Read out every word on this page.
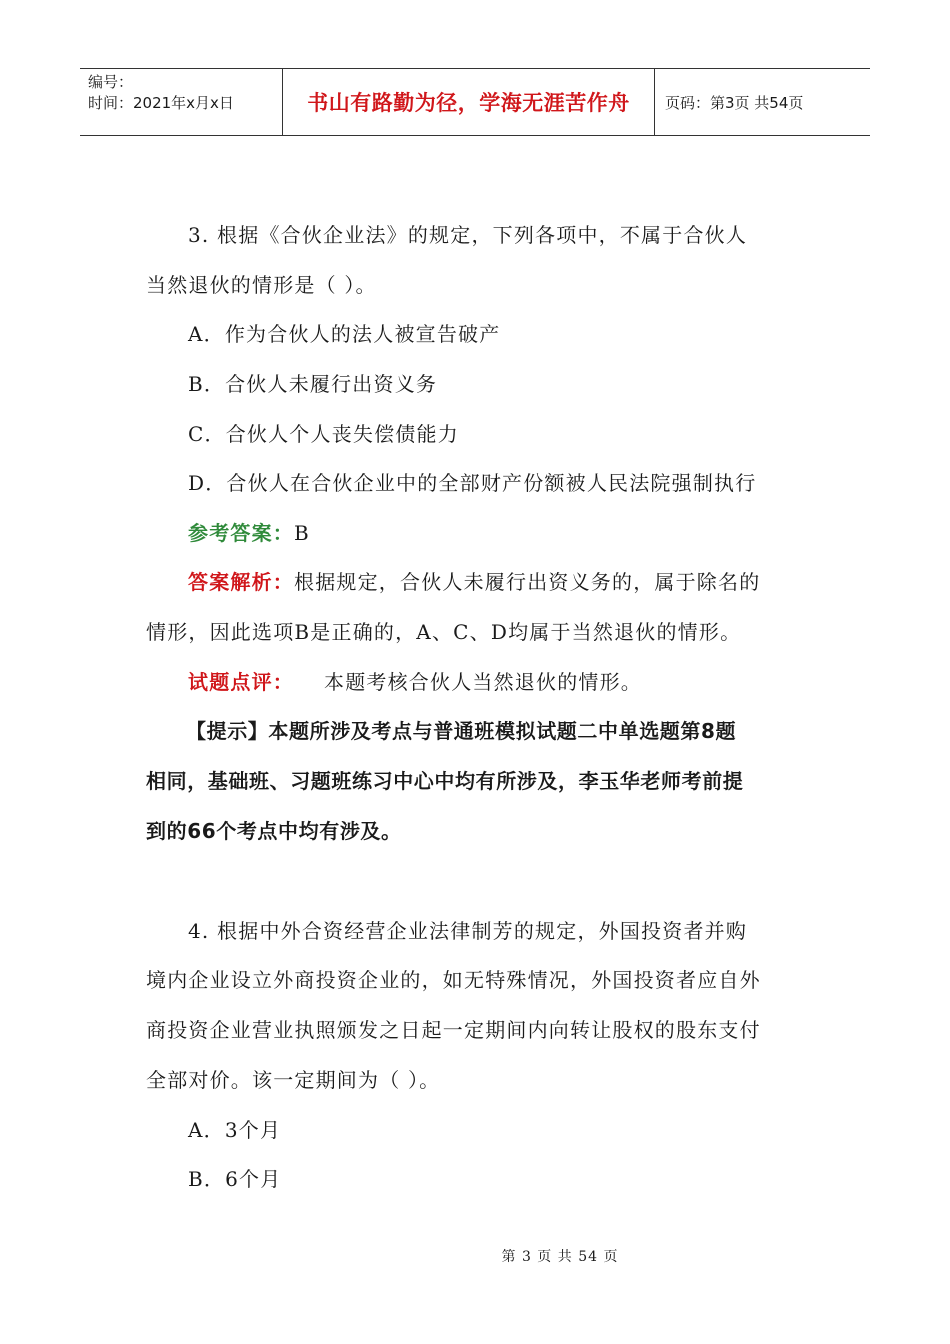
编号：
时间：2021年x月x日	书山有路勤为径，学海无涯苦作舟	页码：第3页 共54页
3. 根据《合伙企业法》的规定，下列各项中，不属于合伙人
当然退伙的情形是（ ）。
A．作为合伙人的法人被宣告破产
B．合伙人未履行出资义务
C．合伙人个人丧失偿债能力
D．合伙人在合伙企业中的全部财产份额被人民法院强制执行
参考答案：B
答案解析：根据规定，合伙人未履行出资义务的，属于除名的
情形，因此选项B是正确的，A、C、D均属于当然退伙的情形。
试题点评： 本题考核合伙人当然退伙的情形。
【提示】本题所涉及考点与普通班模拟试题二中单选题第8题
相同，基础班、习题班练习中心中均有所涉及，李玉华老师考前提
到的66个考点中均有涉及。
4. 根据中外合资经营企业法律制芳的规定，外国投资者并购
境内企业设立外商投资企业的，如无特殊情况，外国投资者应自外
商投资企业营业执照颁发之日起一定期间内向转让股权的股东支付
全部对价。该一定期间为（ ）。
A．3个月
B．6个月
第 3 页 共 54 页
